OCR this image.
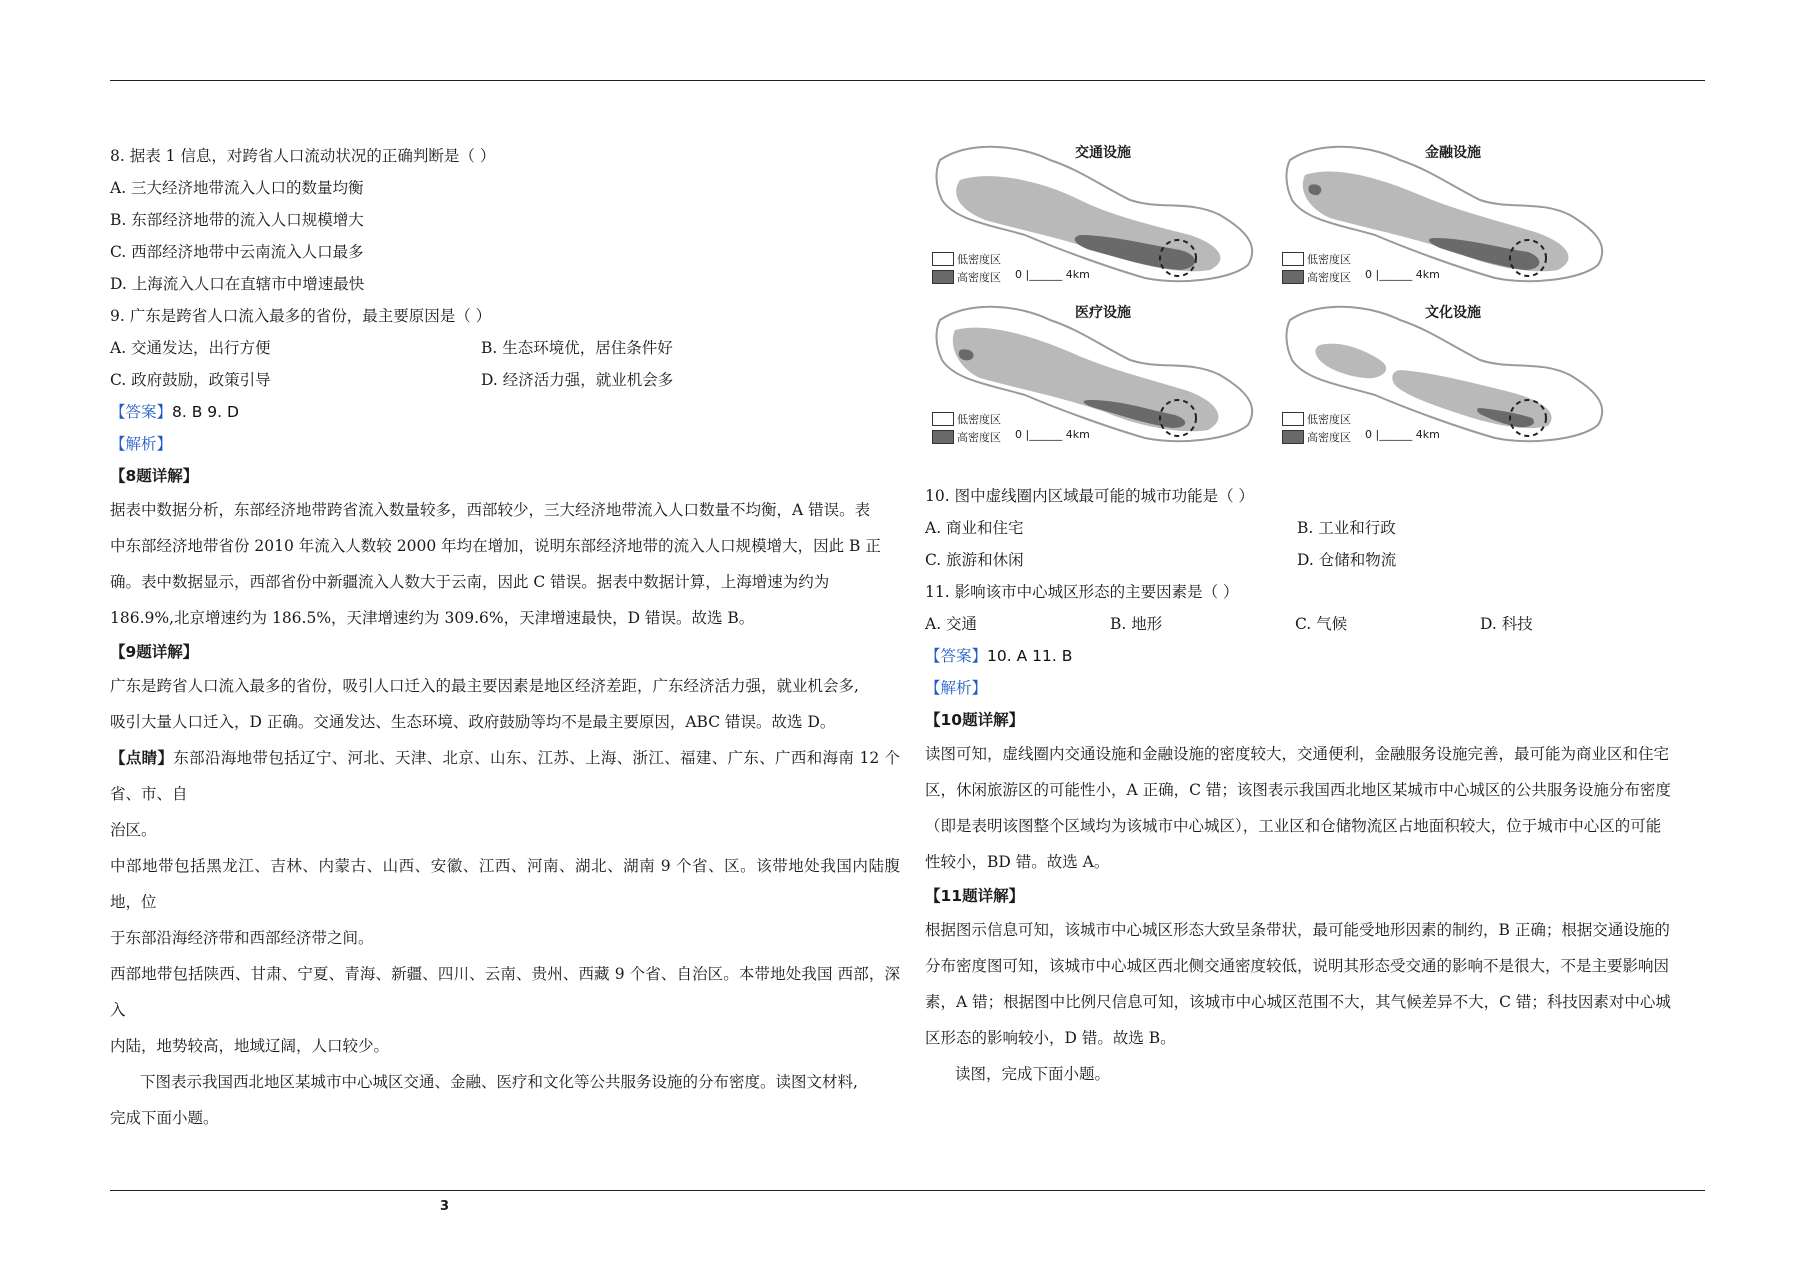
8. 据表 1 信息，对跨省人口流动状况的正确判断是（ ）
A. 三大经济地带流入人口的数量均衡
B. 东部经济地带的流入人口规模增大
C. 西部经济地带中云南流入人口最多
D. 上海流入人口在直辖市中增速最快
9. 广东是跨省人口流入最多的省份，最主要原因是（ ）
A. 交通发达，出行方便	B. 生态环境优，居住条件好
C. 政府鼓励，政策引导	D. 经济活力强，就业机会多
【答案】8. B 9. D
【解析】
【8题详解】
据表中数据分析，东部经济地带跨省流入数量较多，西部较少，三大经济地带流入人口数量不均衡，A 错误。表
中东部经济地带省份 2010 年流入人数较 2000 年均在增加，说明东部经济地带的流入人口规模增大，因此 B 正
确。表中数据显示，西部省份中新疆流入人数大于云南，因此 C 错误。据表中数据计算，上海增速为约为
186.9%,北京增速约为 186.5%，天津增速约为 309.6%，天津增速最快，D 错误。故选 B。
【9题详解】
广东是跨省人口流入最多的省份，吸引人口迁入的最主要因素是地区经济差距，广东经济活力强，就业机会多,
吸引大量人口迁入，D 正确。交通发达、生态环境、政府鼓励等均不是最主要原因，ABC 错误。故选 D。
【点睛】东部沿海地带包括辽宁、河北、天津、北京、山东、江苏、上海、浙江、福建、广东、广西和海南 12 个省、市、自
治区。
中部地带包括黑龙江、吉林、内蒙古、山西、安徽、江西、河南、湖北、湖南 9 个省、区。该带地处我国内陆腹地，位
于东部沿海经济带和西部经济带之间。
西部地带包括陕西、甘肃、宁夏、青海、新疆、四川、云南、贵州、西藏 9 个省、自治区。本带地处我国 西部，深入
内陆，地势较高，地域辽阔，人口较少。
下图表示我国西北地区某城市中心城区交通、金融、医疗和文化等公共服务设施的分布密度。读图文材料,
完成下面小题。
交通设施
低密度区
高密度区 0 |______ 4km
金融设施
低密度区
高密度区 0 |______ 4km
医疗设施
低密度区
高密度区 0 |______ 4km
文化设施
低密度区
高密度区 0 |______ 4km
10. 图中虚线圈内区域最可能的城市功能是（ ）
A. 商业和住宅	B. 工业和行政
C. 旅游和休闲	D. 仓储和物流
11. 影响该市中心城区形态的主要因素是（ ）
A. 交通	B. 地形	C. 气候	D. 科技
【答案】10. A 11. B
【解析】
【10题详解】
读图可知，虚线圈内交通设施和金融设施的密度较大，交通便利，金融服务设施完善，最可能为商业区和住宅
区，休闲旅游区的可能性小，A 正确，C 错；该图表示我国西北地区某城市中心城区的公共服务设施分布密度
（即是表明该图整个区域均为该城市中心城区），工业区和仓储物流区占地面积较大，位于城市中心区的可能
性较小，BD 错。故选 A。
【11题详解】
根据图示信息可知，该城市中心城区形态大致呈条带状，最可能受地形因素的制约，B 正确；根据交通设施的
分布密度图可知，该城市中心城区西北侧交通密度较低，说明其形态受交通的影响不是很大，不是主要影响因
素，A 错；根据图中比例尺信息可知，该城市中心城区范围不大，其气候差异不大，C 错；科技因素对中心城
区形态的影响较小，D 错。故选 B。
读图，完成下面小题。
3
